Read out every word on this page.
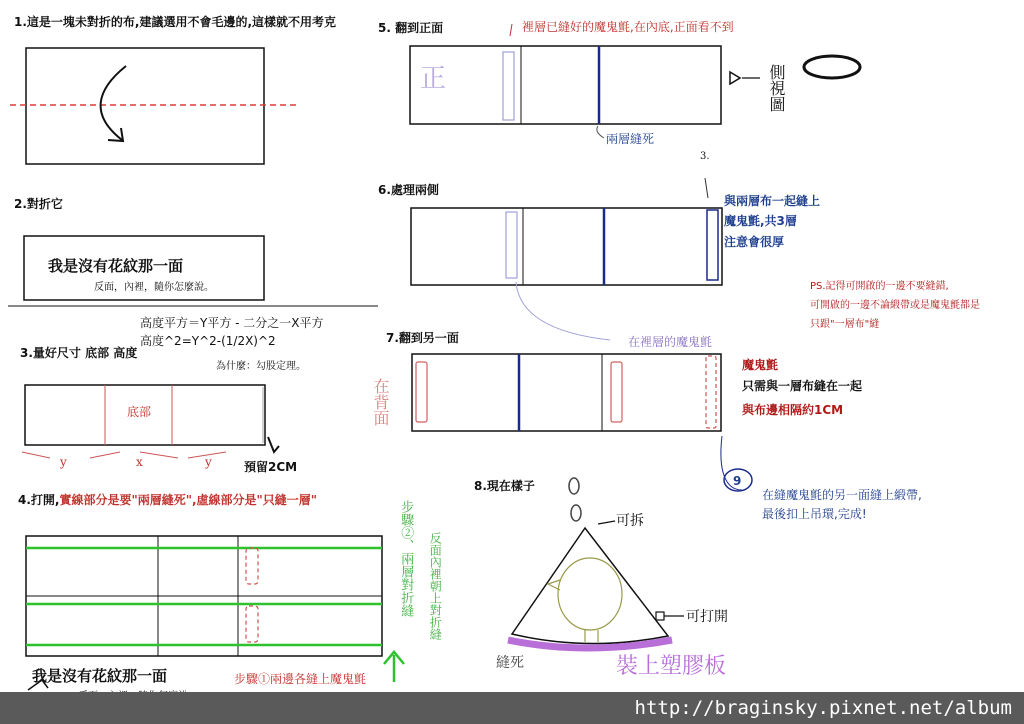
1.這是一塊未對折的布,建議選用不會毛邊的,這樣就不用考克
2.對折它
我是沒有花紋那一面
反面，內裡，隨你怎麼說。
高度平方＝Y平方 - 二分之一X平方
高度^2=Y^2-(1/2X)^2
為什麼：勾股定理。
3.量好尺寸 底部 高度
底部
y	x	y	預留2CM
在背面
4.打開,實線部分是要"兩層縫死",虛線部分是"只縫一層"
我是沒有花紋那一面	步驟①兩邊各縫上魔鬼氈
步驟②、兩層對折縫 反面內裡朝上對折縫
5. 翻到正面	裡層已縫好的魔鬼氈,在內底,正面看不到
正
兩層縫死
側視圖
6.處理兩側
與兩層布一起縫上
魔鬼氈,共3層
注意會很厚
3.
PS.記得可開啟的一邊不要縫錯,
可開啟的一邊不論緞帶或是魔鬼氈都是
只跟"一層布"縫
7.翻到另一面	在裡層的魔鬼氈
魔鬼氈
只需與一層布縫在一起
與布邊相隔約1CM
8.現在樣子
可拆
可打開
縫死	裝上塑膠板
9
在縫魔鬼氈的另一面縫上緞帶,
最後扣上吊環,完成!
http://braginsky.pixnet.net/album
